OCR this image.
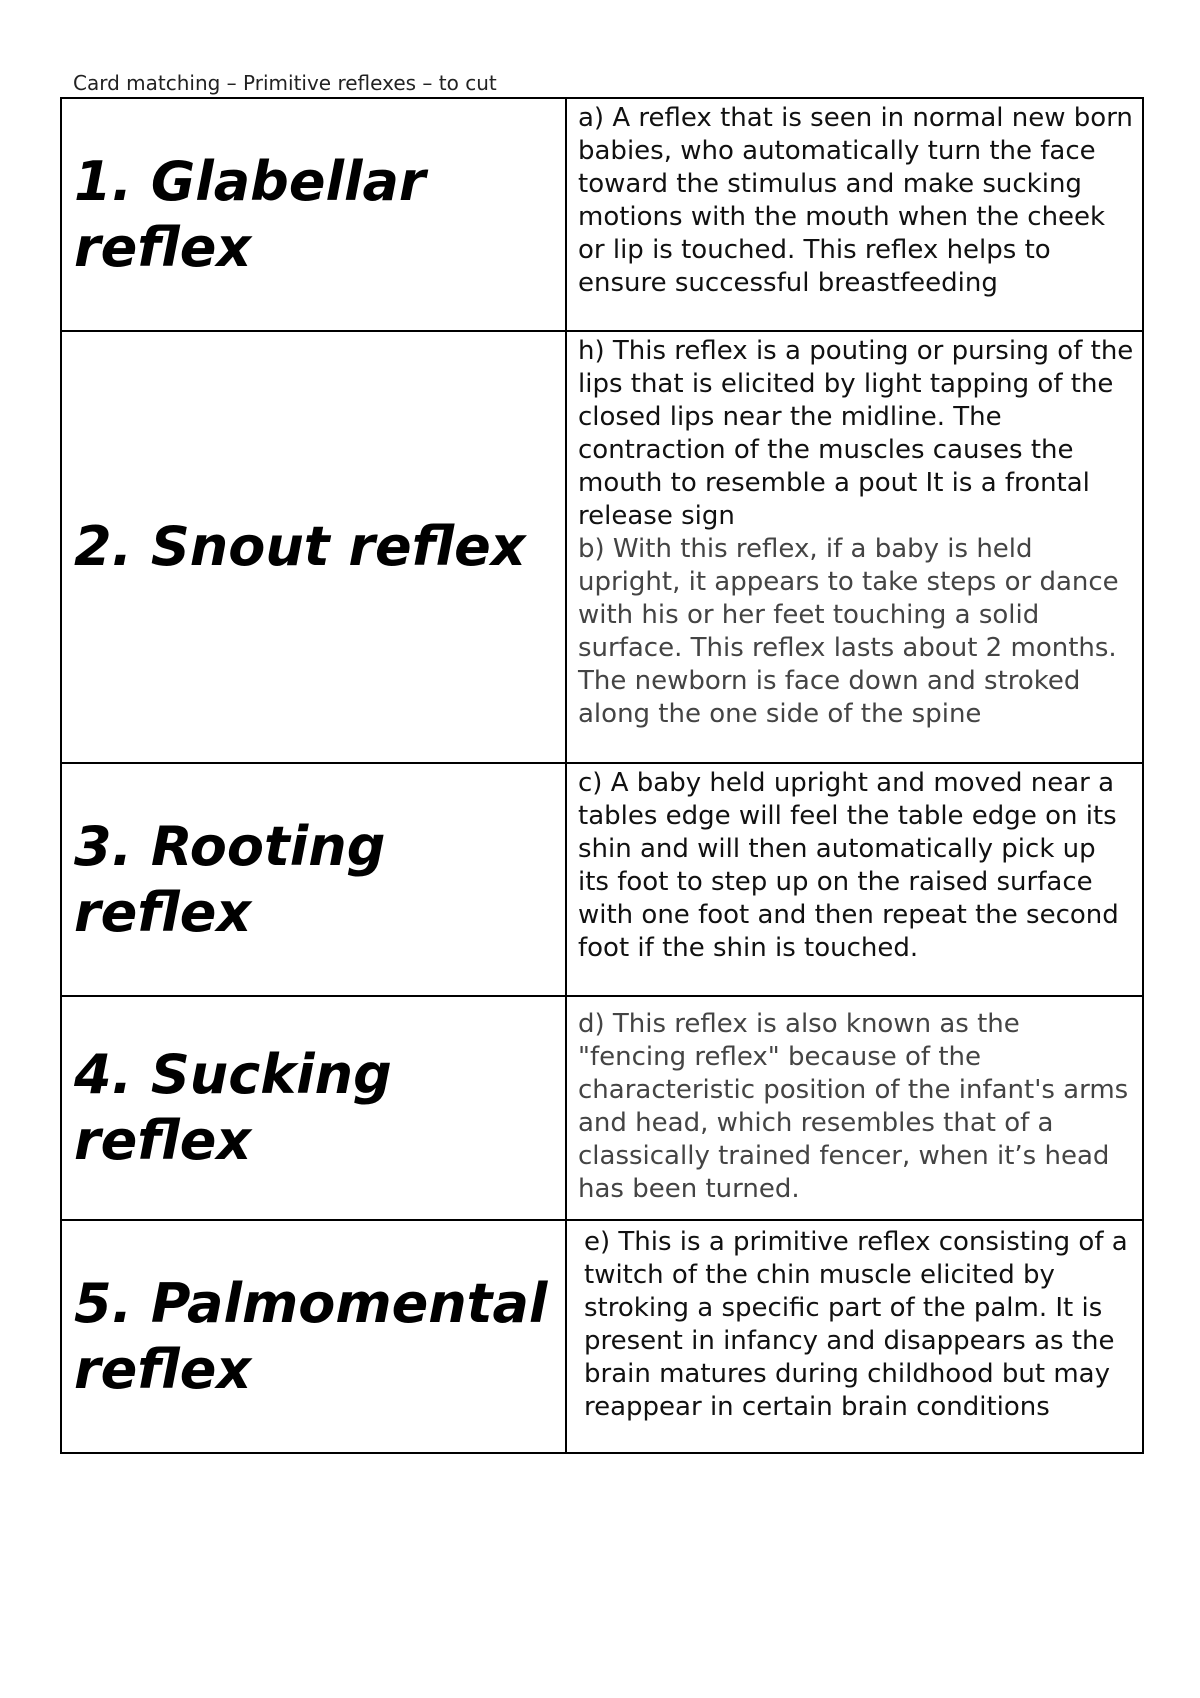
Card matching – Primitive reflexes – to cut
1. Glabellar reflex	a) A reflex that is seen in normal new born babies, who automatically turn the face toward the stimulus and make sucking motions with the mouth when the cheek or lip is touched. This reflex helps to ensure successful breastfeeding

2. Snout reflex	h) This reflex is a pouting or pursing of the lips that is elicited by light tapping of the closed lips near the midline. The contraction of the muscles causes the mouth to resemble a pout It is a frontal release sign
b) With this reflex, if a baby is held upright, it appears to take steps or dance with his or her feet touching a solid surface. This reflex lasts about 2 months. The newborn is face down and stroked along the one side of the spine

3. Rooting reflex	c) A baby held upright and moved near a tables edge will feel the table edge on its shin and will then automatically pick up its foot to step up on the raised surface with one foot and then repeat the second foot if the shin is touched.

4. Sucking reflex	d) This reflex is also known as the "fencing reflex" because of the characteristic position of the infant's arms and head, which resembles that of a classically trained fencer, when it’s head has been turned.

5. Palmomental reflex	e) This is a primitive reflex consisting of a twitch of the chin muscle elicited by stroking a specific part of the palm. It is present in infancy and disappears as the brain matures during childhood but may reappear in certain brain conditions
